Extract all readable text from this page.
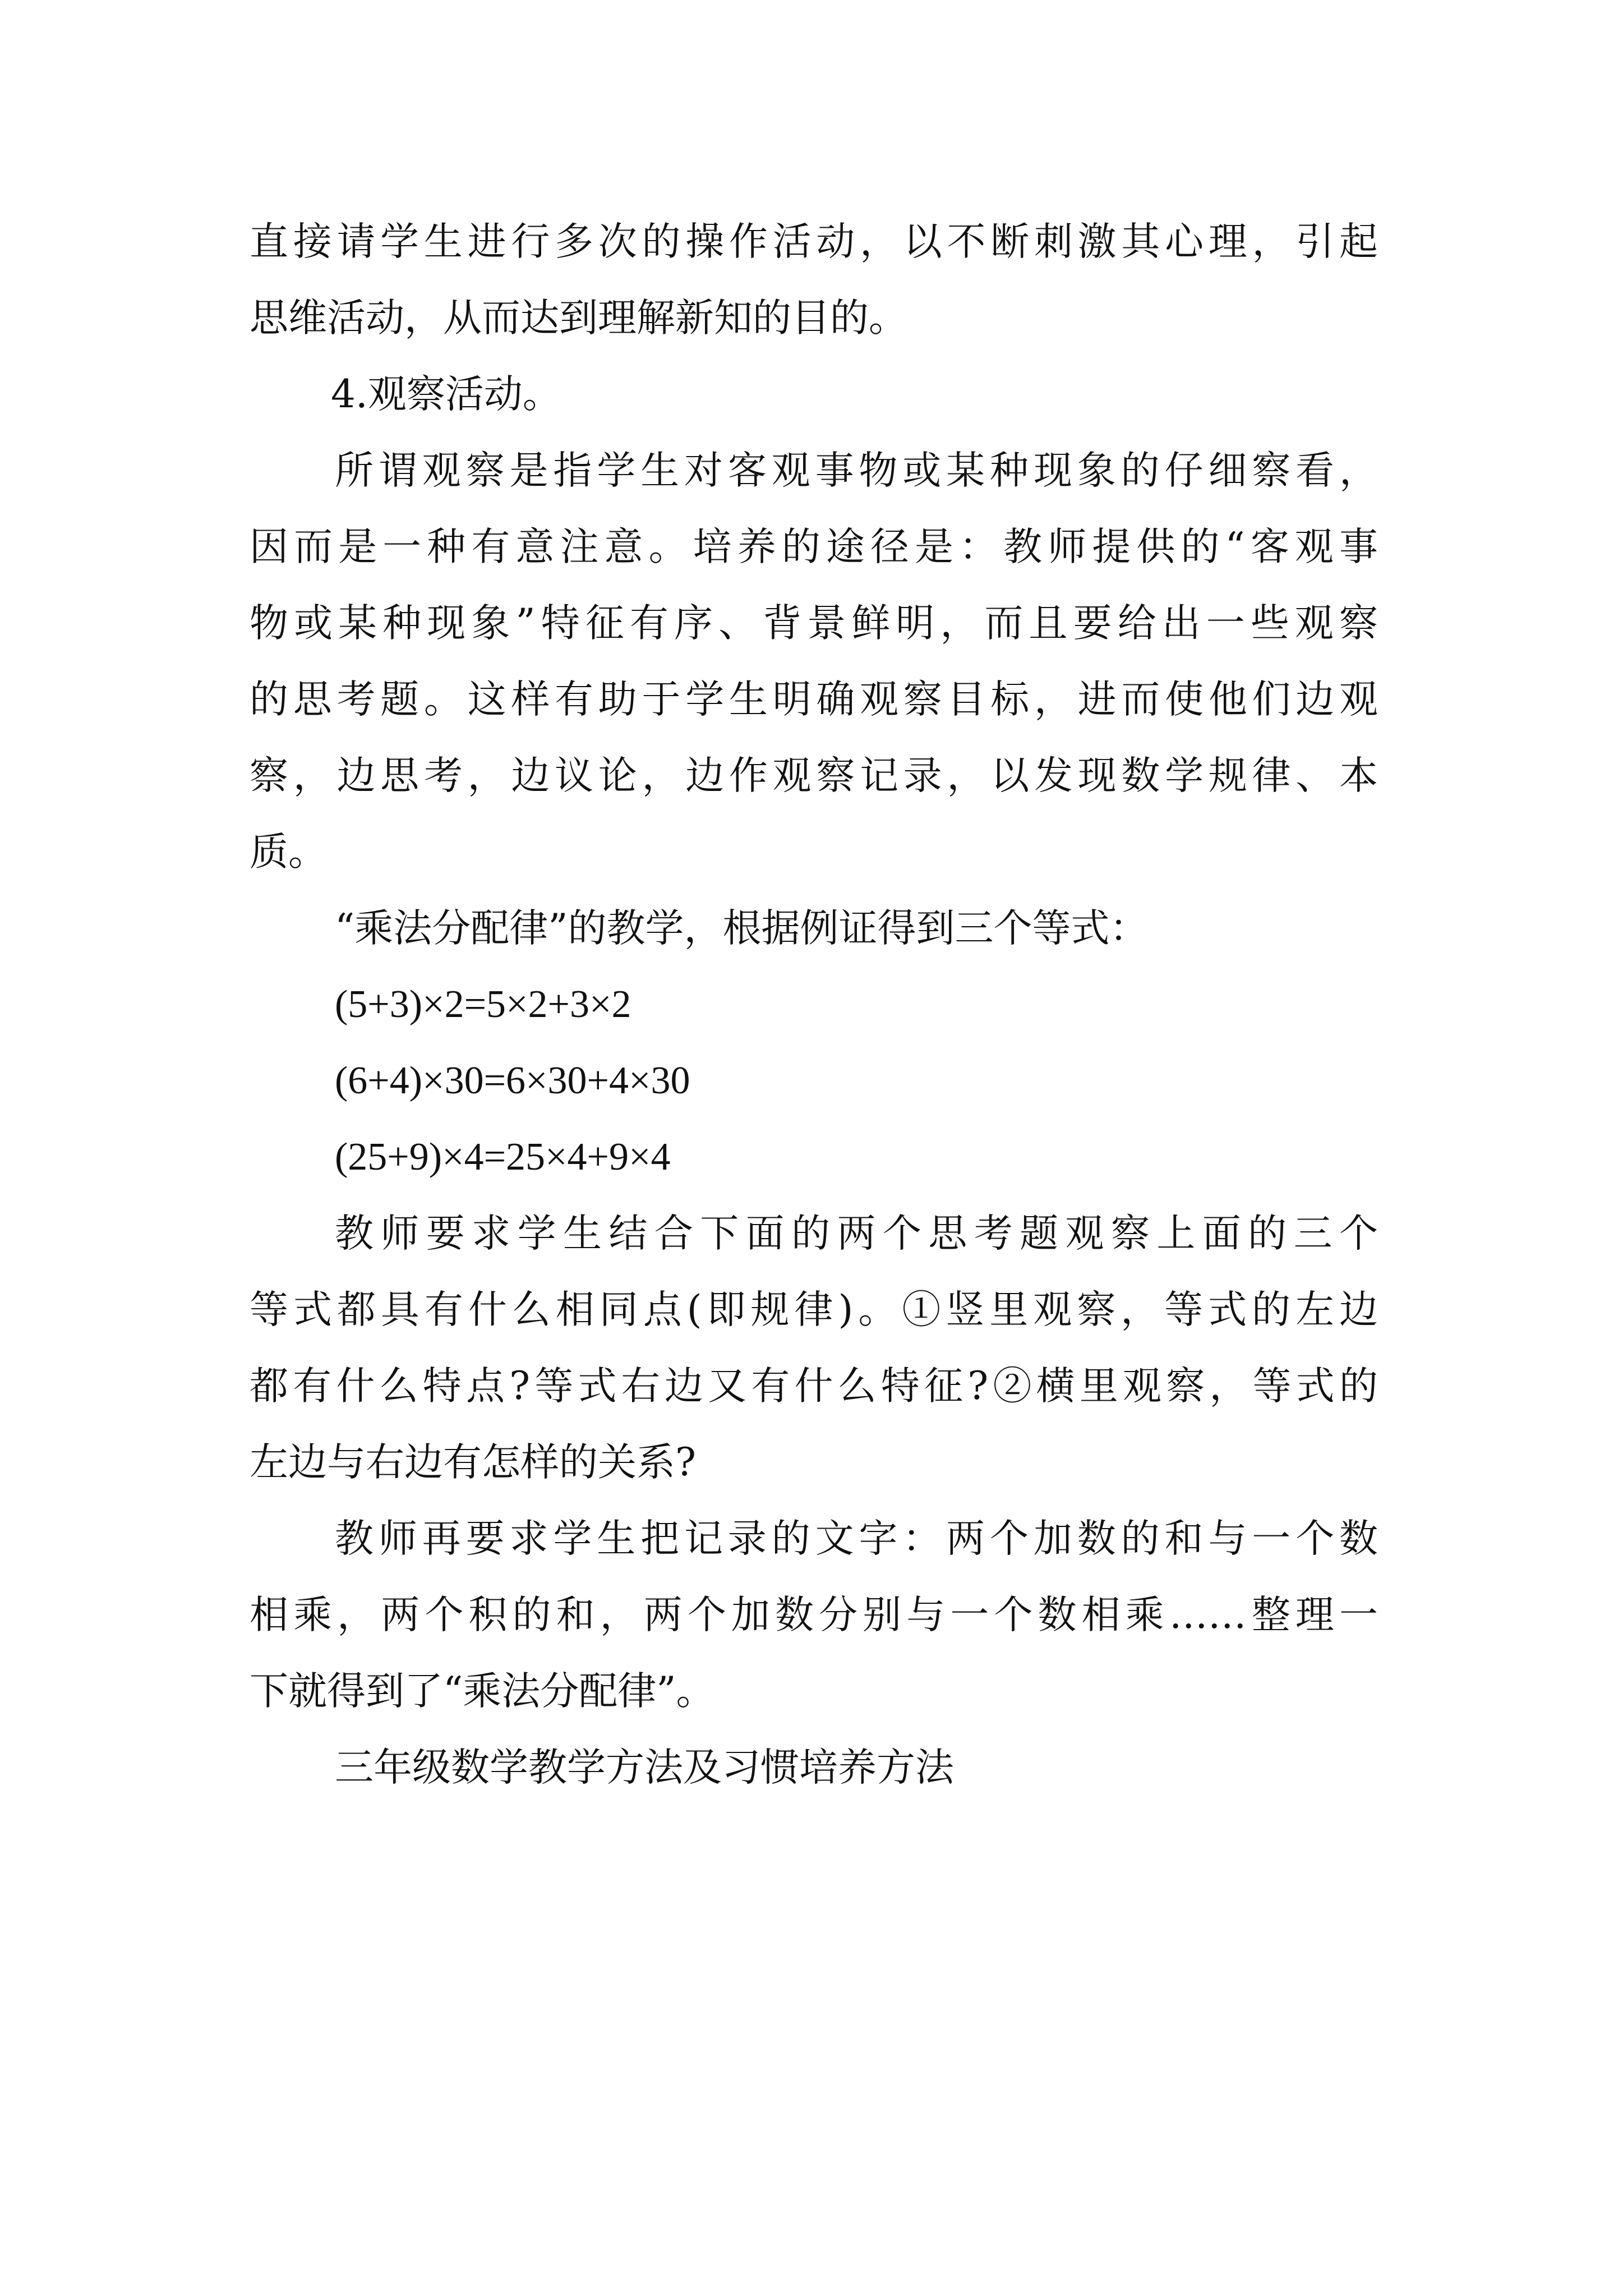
直接请学生进行多次的操作活动，以不断刺激其心理，引起
思维活动，从而达到理解新知的目的。
4.观察活动。
所谓观察是指学生对客观事物或某种现象的仔细察看，
因而是一种有意注意。培养的途径是：教师提供的“客观事
物或某种现象”特征有序、背景鲜明，而且要给出一些观察
的思考题。这样有助于学生明确观察目标，进而使他们边观
察，边思考，边议论，边作观察记录，以发现数学规律、本
质。
“乘法分配律”的教学，根据例证得到三个等式：
(5+3)×2=5×2+3×2
(6+4)×30=6×30+4×30
(25+9)×4=25×4+9×4
教师要求学生结合下面的两个思考题观察上面的三个
等式都具有什么相同点(即规律)。①竖里观察，等式的左边
都有什么特点?等式右边又有什么特征?②横里观察，等式的
左边与右边有怎样的关系?
教师再要求学生把记录的文字：两个加数的和与一个数
相乘，两个积的和，两个加数分别与一个数相乘……整理一
下就得到了“乘法分配律”。
三年级数学教学方法及习惯培养方法
